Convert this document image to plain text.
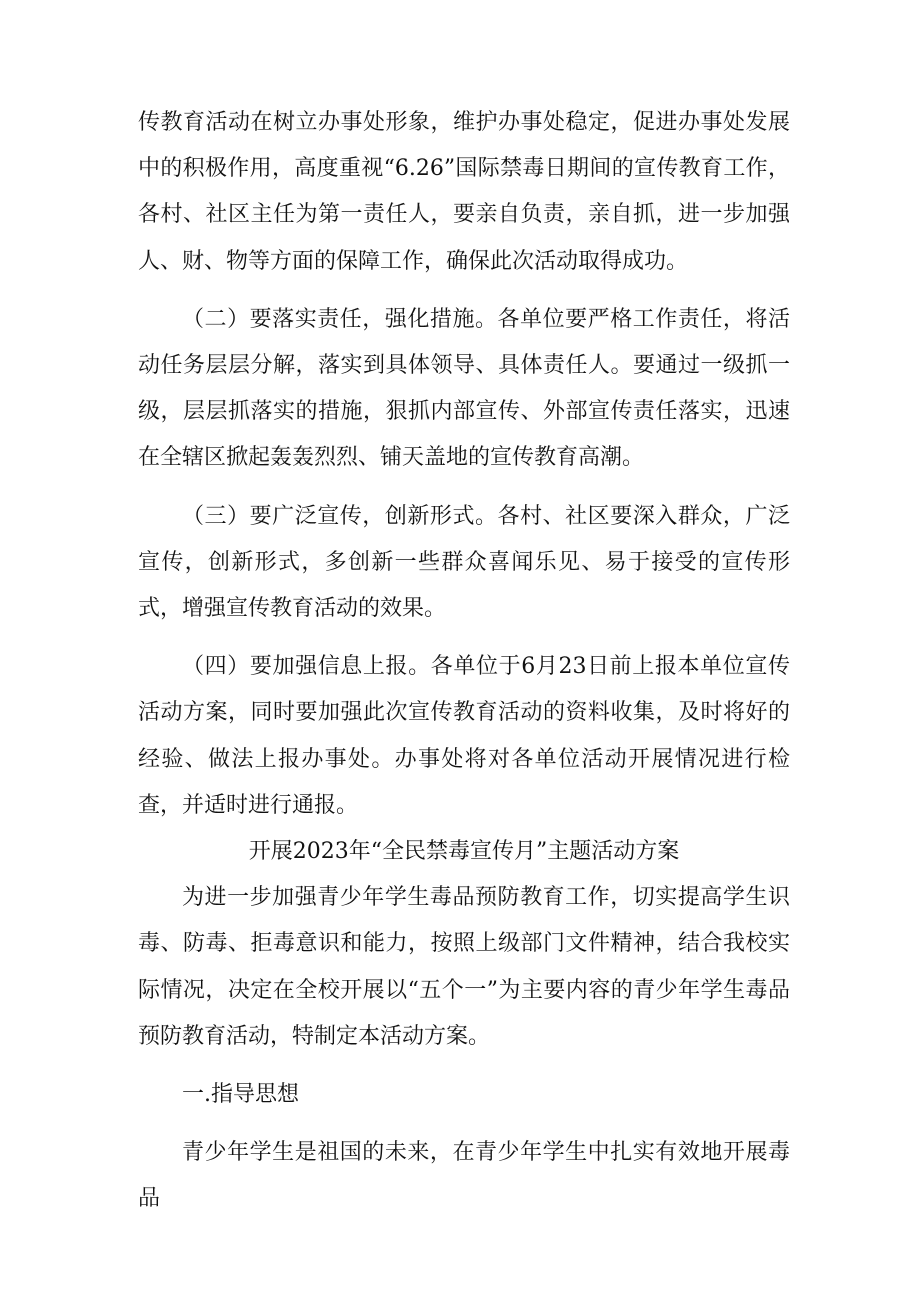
传教育活动在树立办事处形象，维护办事处稳定，促进办事处发展中的积极作用，高度重视“6.26”国际禁毒日期间的宣传教育工作，各村、社区主任为第一责任人，要亲自负责，亲自抓，进一步加强人、财、物等方面的保障工作，确保此次活动取得成功。

（二）要落实责任，强化措施。各单位要严格工作责任，将活动任务层层分解，落实到具体领导、具体责任人。要通过一级抓一级，层层抓落实的措施，狠抓内部宣传、外部宣传责任落实，迅速在全辖区掀起轰轰烈烈、铺天盖地的宣传教育高潮。

（三）要广泛宣传，创新形式。各村、社区要深入群众，广泛宣传，创新形式，多创新一些群众喜闻乐见、易于接受的宣传形式，增强宣传教育活动的效果。

（四）要加强信息上报。各单位于6月23日前上报本单位宣传活动方案，同时要加强此次宣传教育活动的资料收集，及时将好的经验、做法上报办事处。办事处将对各单位活动开展情况进行检查，并适时进行通报。

开展2023年“全民禁毒宣传月”主题活动方案

为进一步加强青少年学生毒品预防教育工作，切实提高学生识毒、防毒、拒毒意识和能力，按照上级部门文件精神，结合我校实际情况，决定在全校开展以“五个一”为主要内容的青少年学生毒品预防教育活动，特制定本活动方案。

一.指导思想

青少年学生是祖国的未来，在青少年学生中扎实有效地开展毒品
